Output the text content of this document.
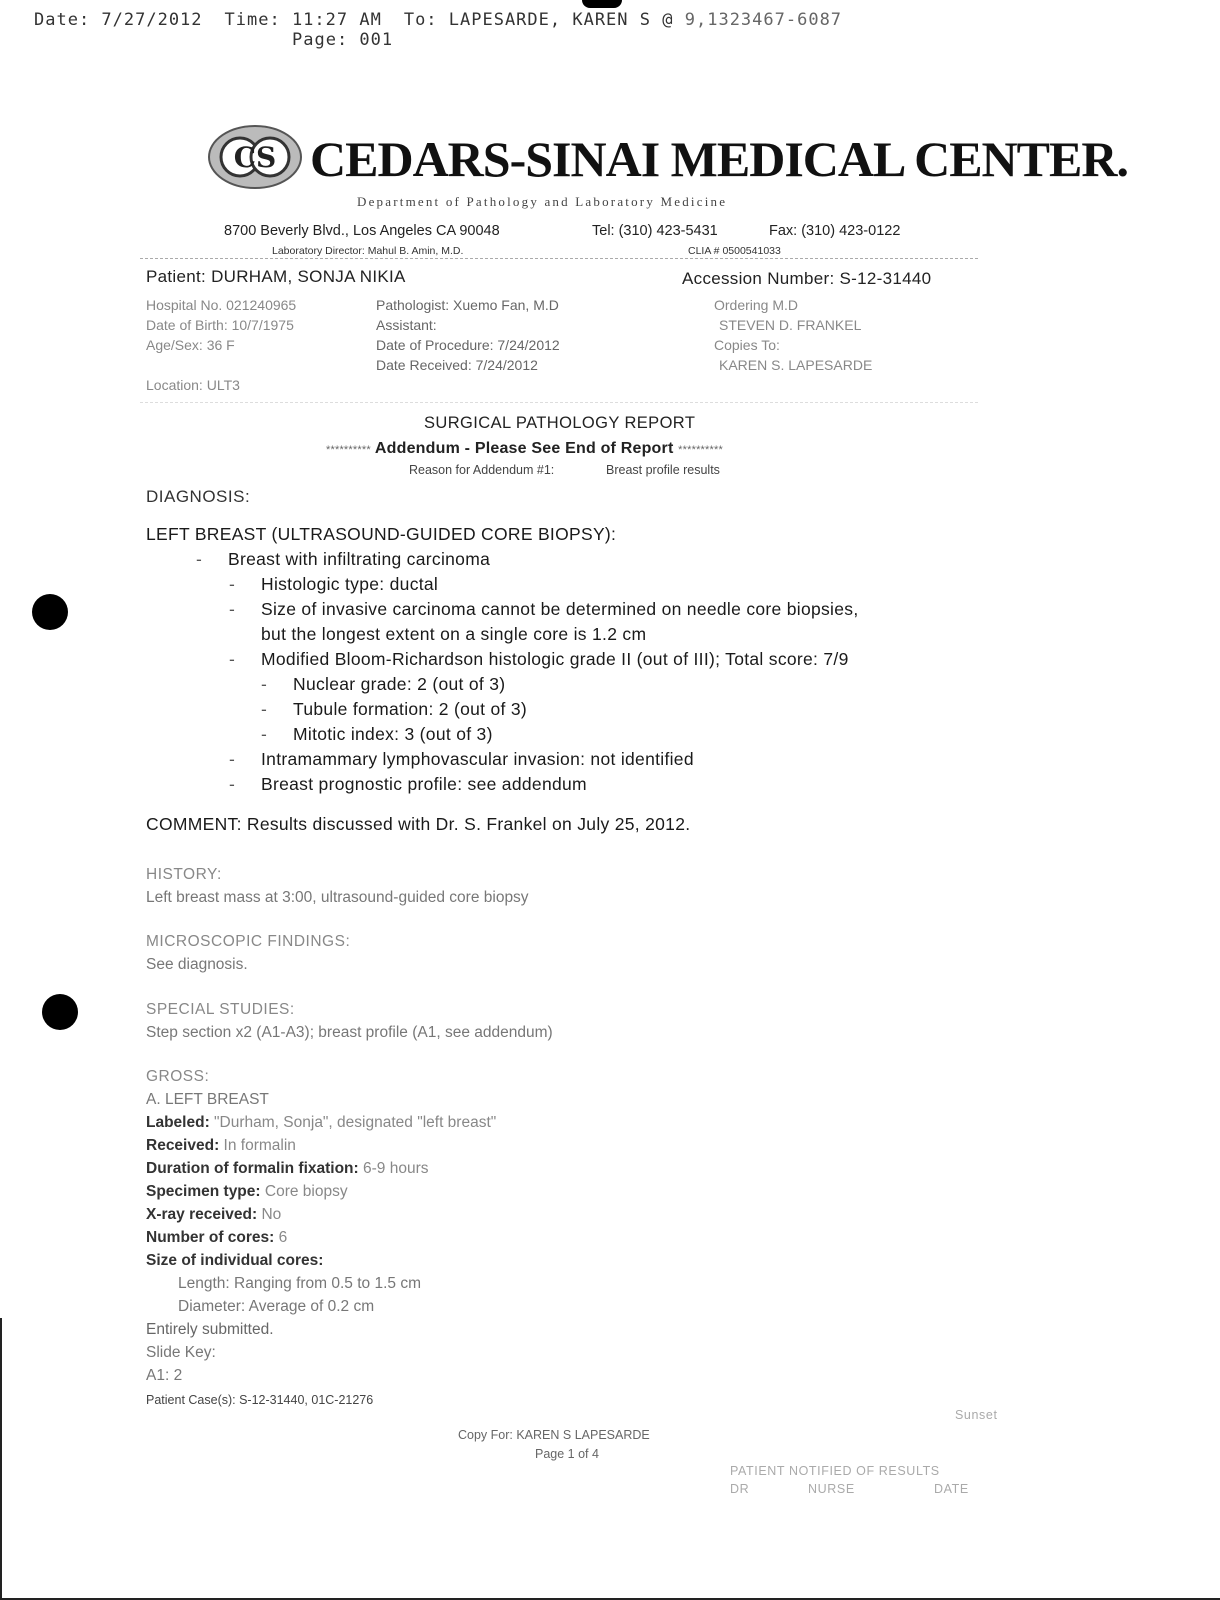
Date: 7/27/2012 Time: 11:27 AM To: LAPESARDE, KAREN S @ 9,1323467-6087
Page: 001
CS CEDARS-SINAI MEDICAL CENTER.
Department of Pathology and Laboratory Medicine
8700 Beverly Blvd., Los Angeles CA 90048	Tel: (310) 423-5431	Fax: (310) 423-0122
Laboratory Director: Mahul B. Amin, M.D.	CLIA # 0500541033
Patient: DURHAM, SONJA NIKIA	Accession Number: S-12-31440
Hospital No. 021240965
Date of Birth: 10/7/1975
Age/Sex: 36 F
Location: ULT3
Pathologist: Xuemo Fan, M.D
Assistant:
Date of Procedure: 7/24/2012
Date Received: 7/24/2012
Ordering M.D
STEVEN D. FRANKEL
Copies To:
KAREN S. LAPESARDE
SURGICAL PATHOLOGY REPORT
********** Addendum - Please See End of Report **********
Reason for Addendum #1:	Breast profile results
DIAGNOSIS:
LEFT BREAST (ULTRASOUND-GUIDED CORE BIOPSY):
- Breast with infiltrating carcinoma
- Histologic type: ductal
- Size of invasive carcinoma cannot be determined on needle core biopsies,
but the longest extent on a single core is 1.2 cm
- Modified Bloom-Richardson histologic grade II (out of III); Total score: 7/9
- Nuclear grade: 2 (out of 3)
- Tubule formation: 2 (out of 3)
- Mitotic index: 3 (out of 3)
- Intramammary lymphovascular invasion: not identified
- Breast prognostic profile: see addendum
COMMENT: Results discussed with Dr. S. Frankel on July 25, 2012.
HISTORY:
Left breast mass at 3:00, ultrasound-guided core biopsy
MICROSCOPIC FINDINGS:
See diagnosis.
SPECIAL STUDIES:
Step section x2 (A1-A3); breast profile (A1, see addendum)
GROSS:
A. LEFT BREAST
Labeled: "Durham, Sonja", designated "left breast"
Received: In formalin
Duration of formalin fixation: 6-9 hours
Specimen type: Core biopsy
X-ray received: No
Number of cores: 6
Size of individual cores:
Length: Ranging from 0.5 to 1.5 cm
Diameter: Average of 0.2 cm
Entirely submitted.
Slide Key:
A1: 2
Patient Case(s): S-12-31440, 01C-21276
Sunset
Copy For: KAREN S LAPESARDE
Page 1 of 4
PATIENT NOTIFIED OF RESULTS
DR	NURSE	DATE
